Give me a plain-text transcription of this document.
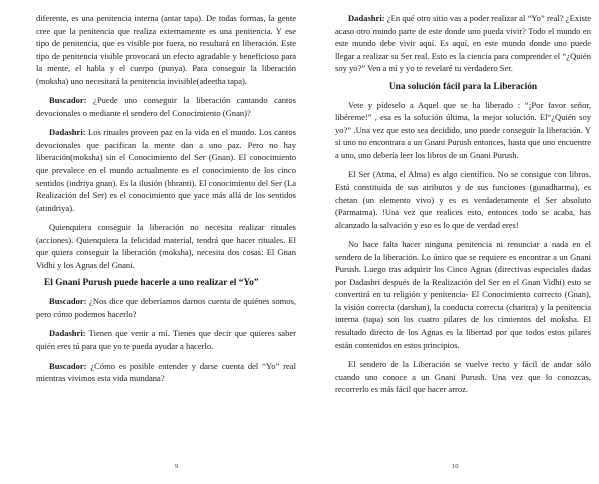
diferente, es una penitencia interna (antar tapa). De todas formas, la gente cree que la penitencia que realiza externamente es una penitencia. Y ese tipo de penitencia, que es visible por fuera, no resultará en liberación. Este tipo de penitencia visible provocará un efecto agradable y beneficioso para la mente, el habla y el cuerpo (punya). Para conseguir la liberación (moksha) uno necesitará la penitencia invisible(adeetha tapa).

Buscador: ¿Puede uno conseguir la liberación cantando cantos devocionales o mediante el sendero del Conocimiento (Gnan)?

Dadashri: Los rituales proveen paz en la vida en el mundo. Los cantos devocionales que pacifican la mente dan a uno paz. Pero no hay liberación(moksha) sin el Conocimiento del Ser (Gnan). El conocimiento que prevalece en el mundo actualmente es el conocimiento de los cinco sentidos (indriya gnan). Es la ilusión (bhranti). El conocimiento del Ser (La Realización del Ser) es el conocimiento que yace más allá de los sentidos (atindriya).

Quienquiera conseguir la liberación no necesita realizar rituales (acciones). Quienquiera la felicidad material, tendrá que hacer rituales. El que quiera conseguir la liberación (moksha), necesita dos cosas: El Gnan Vidhi y los Agnas del Gnani.

El Gnani Purush puede hacerle a uno realizar el “Yo”

Buscador: ¿Nos dice que deberíamos darnos cuenta de quiénes somos, pero cómo podemos hacerlo?

Dadashri: Tienen que venir a mí. Tienes que decir que quieres saber quién eres tú para que yo te pueda ayudar a hacerlo.

Buscador: ¿Cómo es posible entender y darse cuenta del “Yo” real mientras vivimos esta vida mundana?

Dadashri: ¿En qué otro sitio vas a poder realizar al “Yo” real? ¿Existe acaso otro mundo parte de este donde uno pueda vivir? Todo el mundo en este mundo debe vivir aquí. Es aquí, en este mundo donde uno puede llegar a realizar su Ser real. Esto es la ciencia para comprender el “¿Quién soy yo?” Ven a mí y yo te revelaré tu verdadero Ser.

Una solución fácil para la Liberación

Vete y pídeselo a Aquel que se ha liberado : “¡Por favor señor, libéreme!” , esa es la solución última, la mejor solución. El“¿Quién soy yo?” .Una vez que esto sea decidido, uno puede conseguir la liberación. Y si uno no encontrara a un Gnani Purush entonces, hasta que uno encuentre a uno, uno debería leer los libros de un Gnani Purush.

El Ser (Atma, el Alma) es algo científico. No se consigue con libros. Está constituida de sus atributos y de sus funciones (gunadharma), es chetan (un elemento vivo) y es es verdaderamente el Ser absoluto (Parmatma). !Una vez que realices esto, entonces todo se acaba, has alcanzado la salvación y eso es lo que de verdad eres!

No hace falta hacer ninguna penitencia ni renunciar a nada en el sendero de la liberación. Lo único que se requiere es encontrar a un Gnani Purush. Luego tras adquirir los Cinco Agnas (directivas especiales dadas por Dadashri después de la Realización del Ser en el Gnan Vidhi) esto se convertirá en tu religión y penitencia- El Conocimiento correcto (Gnan), la visión correcta (darshan), la conducta correcta (charitra) y la penitencia interna (tapa) son los cuatro pilares de los cimientos del moksha. El resultado directo de los Agnas es la libertad por que todos estos pilares están contenidos en estos principios.

El sendero de la Liberación se vuelve recto y fácil de andar sólo cuando uno conoce a un Gnani Purush. Una vez que lo conozcas, recorrerlo es más fácil que hacer arroz.

9	10
